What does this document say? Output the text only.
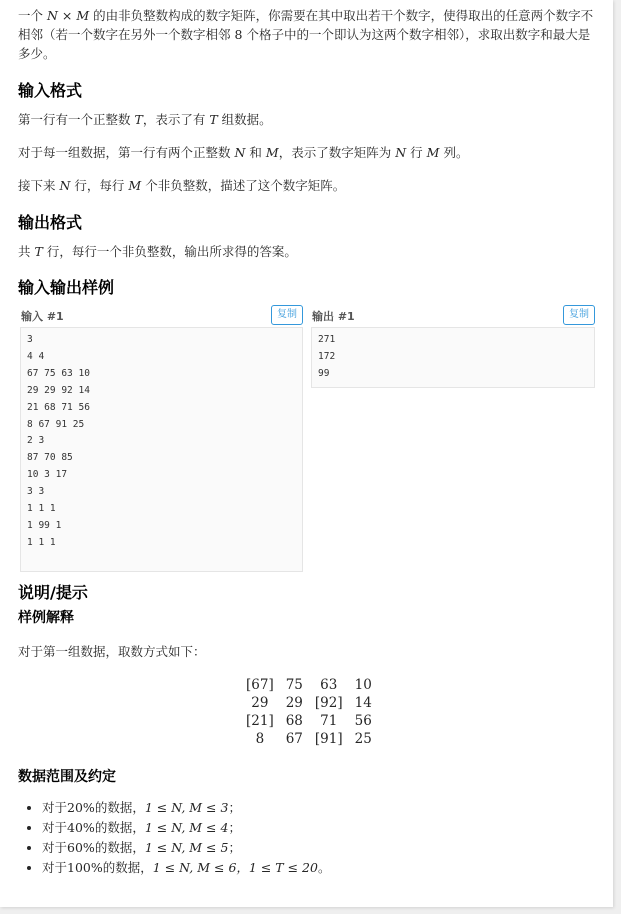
一个 N × M 的由非负整数构成的数字矩阵，你需要在其中取出若干个数字，使得取出的任意两个数字不相邻（若一个数字在另外一个数字相邻 8 个格子中的一个即认为这两个数字相邻），求取出数字和最大是多少。

输入格式

第一行有一个正整数 T，表示了有 T 组数据。

对于每一组数据，第一行有两个正整数 N 和 M，表示了数字矩阵为 N 行 M 列。

接下来 N 行，每行 M 个非负整数，描述了这个数字矩阵。

输出格式

共 T 行，每行一个非负整数，输出所求得的答案。

输入输出样例
输入 #1	复制
3
4 4
67 75 63 10
29 29 92 14
21 68 71 56
8 67 91 25
2 3
87 70 85
10 3 17
3 3
1 1 1
1 99 1
1 1 1
输出 #1	复制
271
172
99
说明/提示
样例解释

对于第一组数据，取数方式如下：

[67]	75	63	10
29	29	[92]	14
[21]	68	71	56
8	67	[91]	25
数据范围及约定
• 对于20%的数据，1 ≤ N, M ≤ 3；
• 对于40%的数据，1 ≤ N, M ≤ 4；
• 对于60%的数据，1 ≤ N, M ≤ 5；
• 对于100%的数据，1 ≤ N, M ≤ 6，1 ≤ T ≤ 20。
